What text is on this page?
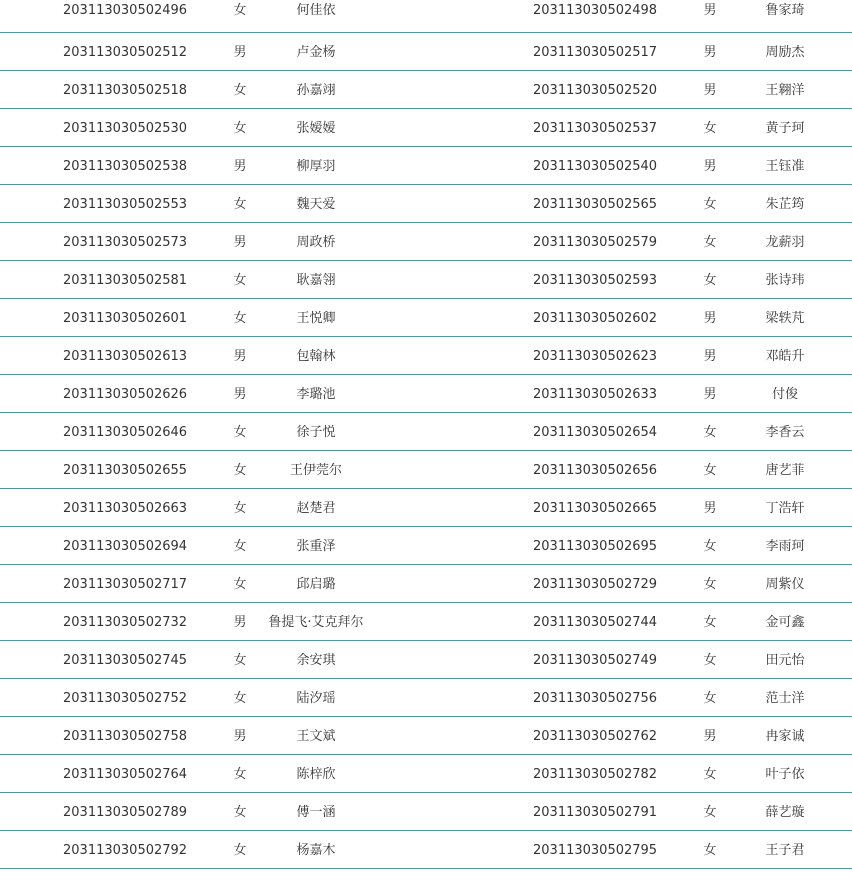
203113030502496	女	何佳依	203113030502498	男	鲁家琦
203113030502512	男	卢金杨	203113030502517	男	周励杰
203113030502518	女	孙嘉翊	203113030502520	男	王翱洋
203113030502530	女	张嫒嫒	203113030502537	女	黄子珂
203113030502538	男	柳厚羽	203113030502540	男	王钰准
203113030502553	女	魏天爱	203113030502565	女	朱芷筠
203113030502573	男	周政桥	203113030502579	女	龙薪羽
203113030502581	女	耿嘉翎	203113030502593	女	张诗玮
203113030502601	女	王悦卿	203113030502602	男	梁轶芃
203113030502613	男	包翰林	203113030502623	男	邓皓升
203113030502626	男	李璐池	203113030502633	男	付俊
203113030502646	女	徐子悦	203113030502654	女	李香云
203113030502655	女	王伊莞尔	203113030502656	女	唐艺菲
203113030502663	女	赵楚君	203113030502665	男	丁浩轩
203113030502694	女	张重泽	203113030502695	女	李雨珂
203113030502717	女	邱启璐	203113030502729	女	周紫仪
203113030502732	男 鲁提飞·艾克拜尔	203113030502744	女	金可鑫
203113030502745	女	余安琪	203113030502749	女	田元怡
203113030502752	女	陆汐瑶	203113030502756	女	范士洋
203113030502758	男	王文斌	203113030502762	男	冉家诚
203113030502764	女	陈梓欣	203113030502782	女	叶子依
203113030502789	女	傅一涵	203113030502791	女	薛艺璇
203113030502792	女	杨嘉木	203113030502795	女	王子君
